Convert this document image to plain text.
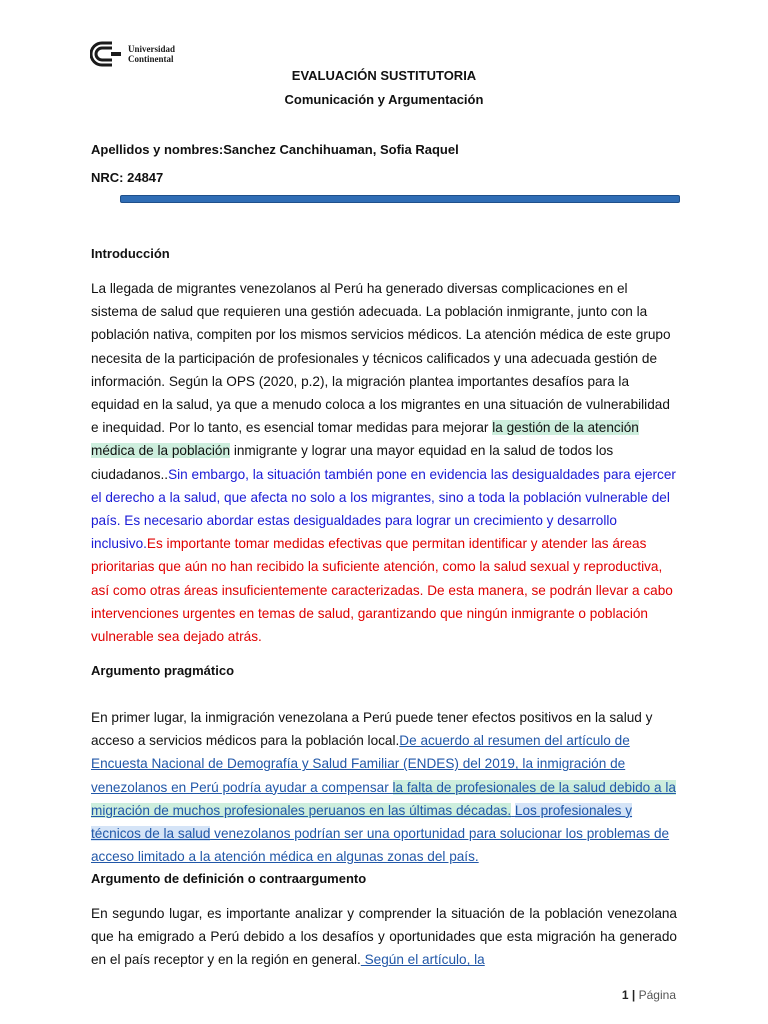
Universidad
Continental
EVALUACIÓN SUSTITUTORIA
Comunicación y Argumentación
Apellidos y nombres:Sanchez Canchihuaman, Sofia Raquel
NRC: 24847
Introducción

La llegada de migrantes venezolanos al Perú ha generado diversas complicaciones en el sistema de salud que requieren una gestión adecuada. La población inmigrante, junto con la población nativa, compiten por los mismos servicios médicos. La atención médica de este grupo necesita de la participación de profesionales y técnicos calificados y una adecuada gestión de información. Según la OPS (2020, p.2), la migración plantea importantes desafíos para la equidad en la salud, ya que a menudo coloca a los migrantes en una situación de vulnerabilidad e inequidad. Por lo tanto, es esencial tomar medidas para mejorar la gestión de la atención médica de la población inmigrante y lograr una mayor equidad en la salud de todos los ciudadanos..Sin embargo, la situación también pone en evidencia las desigualdades para ejercer el derecho a la salud, que afecta no solo a los migrantes, sino a toda la población vulnerable del país. Es necesario abordar estas desigualdades para lograr un crecimiento y desarrollo inclusivo.Es importante tomar medidas efectivas que permitan identificar y atender las áreas prioritarias que aún no han recibido la suficiente atención, como la salud sexual y reproductiva, así como otras áreas insuficientemente caracterizadas. De esta manera, se podrán llevar a cabo intervenciones urgentes en temas de salud, garantizando que ningún inmigrante o población vulnerable sea dejado atrás.

Argumento pragmático

En primer lugar, la inmigración venezolana a Perú puede tener efectos positivos en la salud y acceso a servicios médicos para la población local.De acuerdo al resumen del artículo de Encuesta Nacional de Demografía y Salud Familiar (ENDES) del 2019, la inmigración de venezolanos en Perú podría ayudar a compensar la falta de profesionales de la salud debido a la migración de muchos profesionales peruanos en las últimas décadas. Los profesionales y técnicos de la salud venezolanos podrían ser una oportunidad para solucionar los problemas de acceso limitado a la atención médica en algunas zonas del país.

Argumento de definición o contraargumento

En segundo lugar, es importante analizar y comprender la situación de la población venezolana que ha emigrado a Perú debido a los desafíos y oportunidades que esta migración ha generado en el país receptor y en la región en general. Según el artículo, la

1 | Página
